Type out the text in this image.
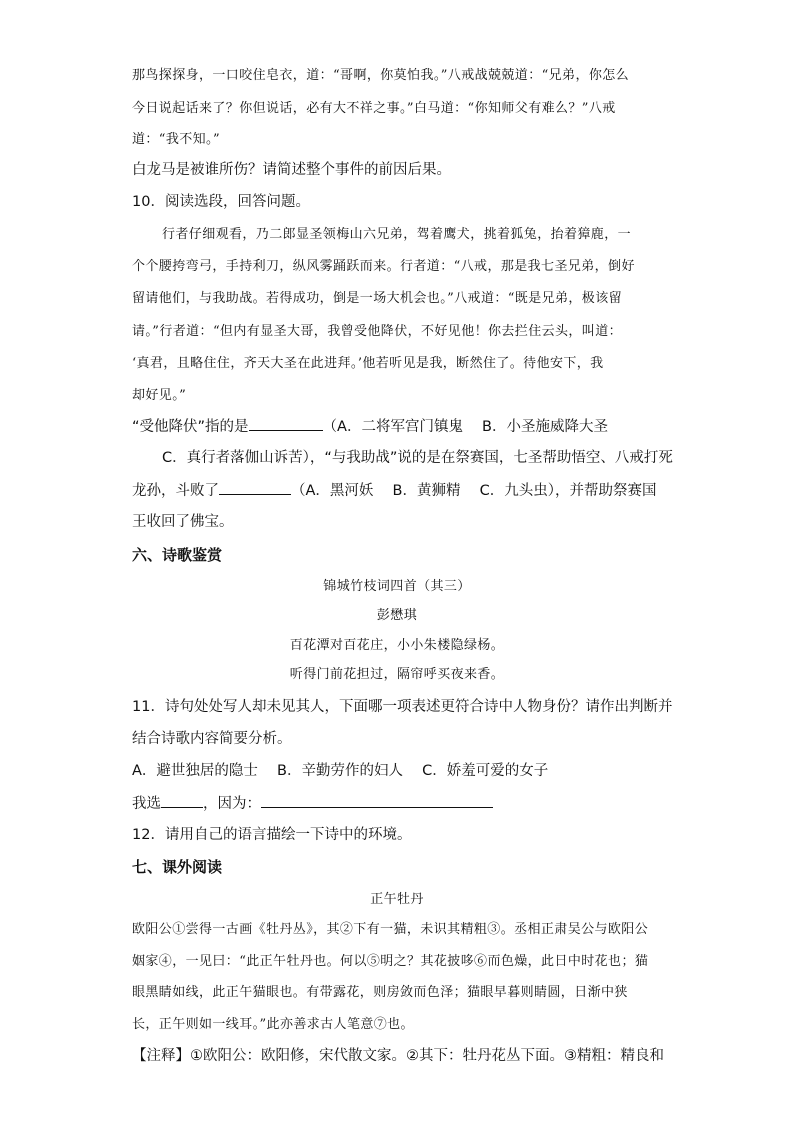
那鸟探探身，一口咬住皂衣，道：“哥啊，你莫怕我。”八戒战兢兢道：“兄弟，你怎么
今日说起话来了？你但说话，必有大不祥之事。”白马道：“你知师父有难么？”八戒
道：“我不知。”
白龙马是被谁所伤？请简述整个事件的前因后果。
10．阅读选段，回答问题。
行者仔细观看，乃二郎显圣领梅山六兄弟，驾着鹰犬，挑着狐兔，抬着獐鹿，一
个个腰挎弯弓，手持利刀，纵风雾踊跃而来。行者道：“八戒，那是我七圣兄弟，倒好
留请他们，与我助战。若得成功，倒是一场大机会也。”八戒道：“既是兄弟，极该留
请。”行者道：“但内有显圣大哥，我曾受他降伏，不好见他！你去拦住云头，叫道：
‘真君，且略住住，齐天大圣在此进拜。’他若听见是我，断然住了。待他安下，我
却好见。”
“受他降伏”指的是	（A．二将军宫门镇鬼　 B．小圣施威降大圣
C．真行者落伽山诉苦），“与我助战”说的是在祭赛国，七圣帮助悟空、八戒打死
龙孙，斗败了	（A．黑河妖　 B．黄狮精　 C．九头虫），并帮助祭赛国
王收回了佛宝。
六、诗歌鉴赏
锦城竹枝词四首（其三）
彭懋琪
百花潭对百花庄，小小朱楼隐绿杨。
听得门前花担过，隔帘呼买夜来香。
11．诗句处处写人却未见其人，下面哪一项表述更符合诗中人物身份？请作出判断并
结合诗歌内容简要分析。
A．避世独居的隐士　 B．辛勤劳作的妇人　 C．娇羞可爱的女子
我选	，因为：
12．请用自己的语言描绘一下诗中的环境。
七、课外阅读
正午牡丹
欧阳公①尝得一古画《牡丹丛》，其②下有一猫，未识其精粗③。丞相正肃吴公与欧阳公
姻家④，一见曰：“此正午牡丹也。何以⑤明之？其花披哆⑥而色燥，此日中时花也；猫
眼黑睛如线，此正午猫眼也。有带露花，则房敛而色泽；猫眼早暮则睛圆，日渐中狭
长，正午则如一线耳。”此亦善求古人笔意⑦也。
【注释】①欧阳公：欧阳修，宋代散文家。②其下：牡丹花丛下面。③精粗：精良和
